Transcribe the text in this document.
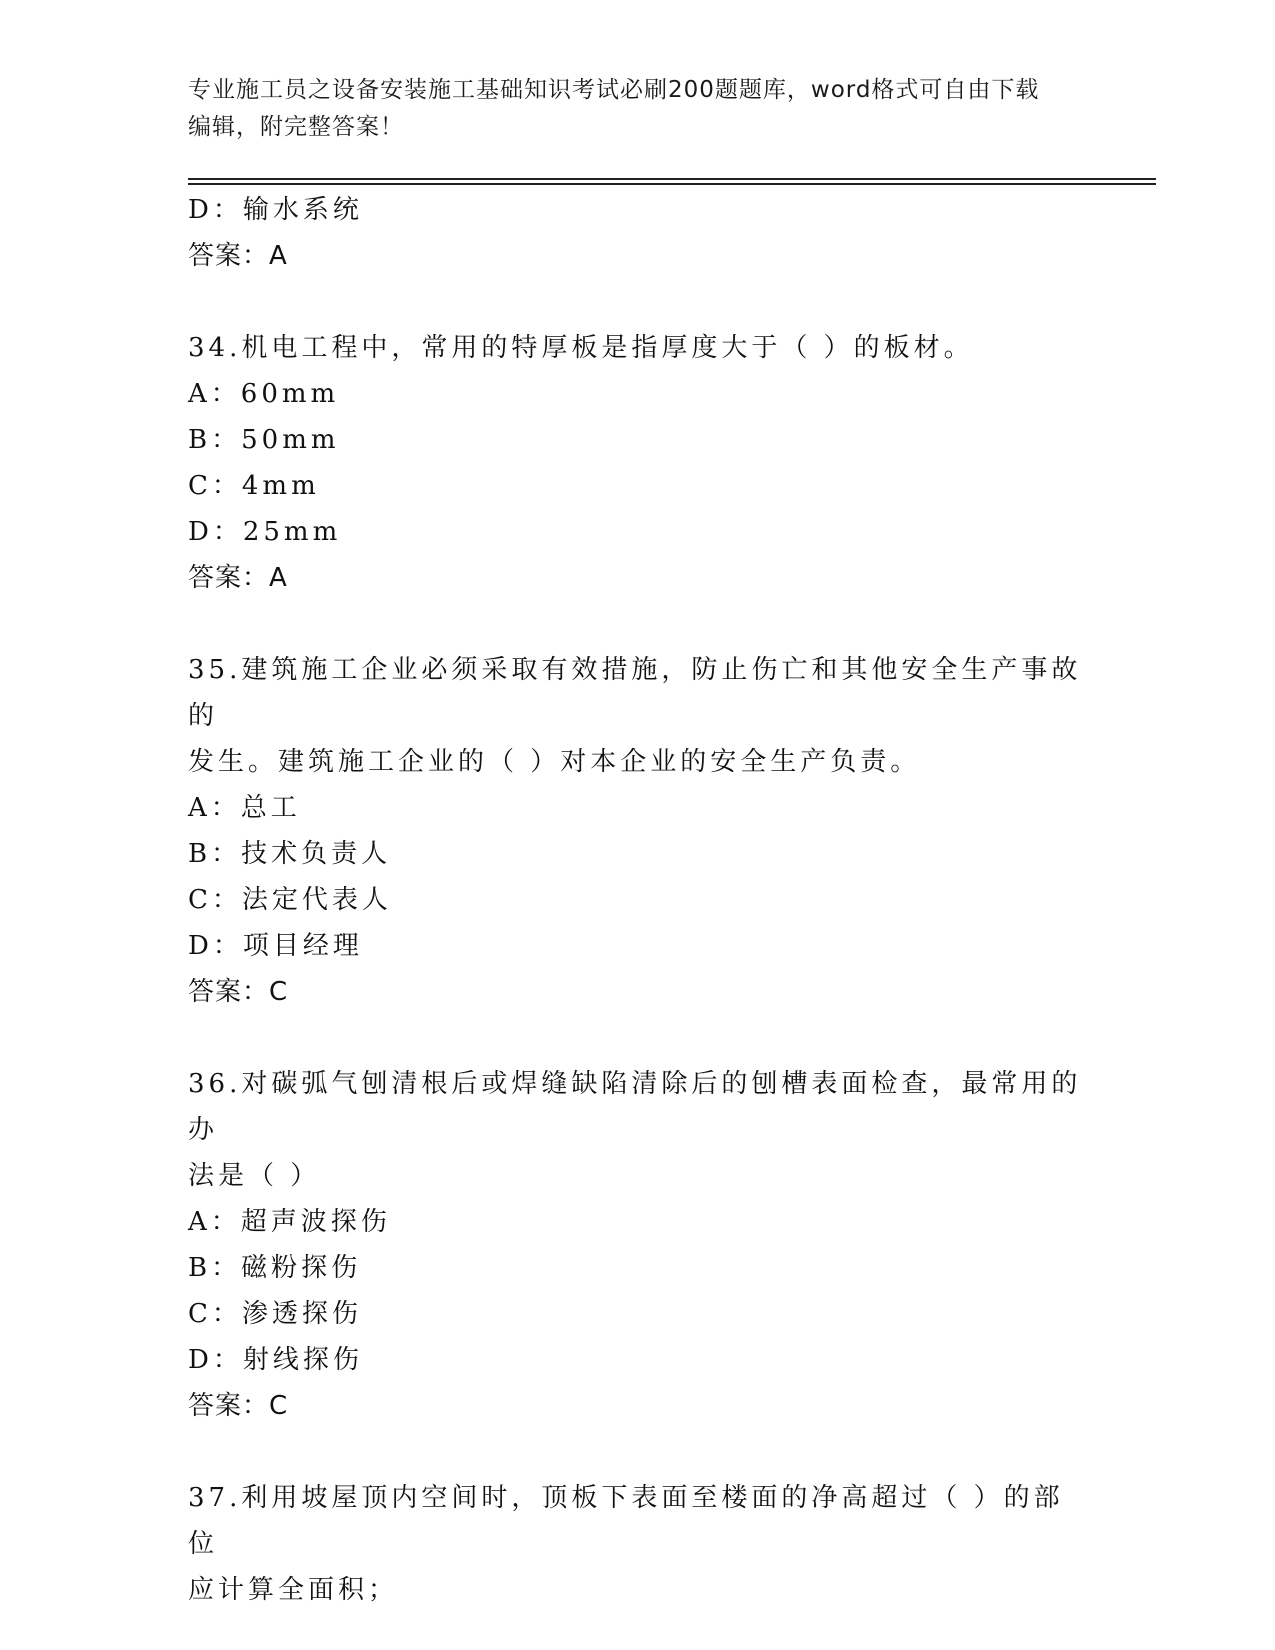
专业施工员之设备安装施工基础知识考试必刷200题题库，word格式可自由下载
编辑，附完整答案！
D：输水系统
答案：A
34.机电工程中，常用的特厚板是指厚度大于（ ）的板材。
A：60mm
B：50mm
C：4mm
D：25mm
答案：A
35.建筑施工企业必须采取有效措施，防止伤亡和其他安全生产事故的
发生。建筑施工企业的（ ）对本企业的安全生产负责。
A：总工
B：技术负责人
C：法定代表人
D：项目经理
答案：C
36.对碳弧气刨清根后或焊缝缺陷清除后的刨槽表面检查，最常用的办
法是（ ）
A：超声波探伤
B：磁粉探伤
C：渗透探伤
D：射线探伤
答案：C
37.利用坡屋顶内空间时，顶板下表面至楼面的净高超过（ ）的部位
应计算全面积；
